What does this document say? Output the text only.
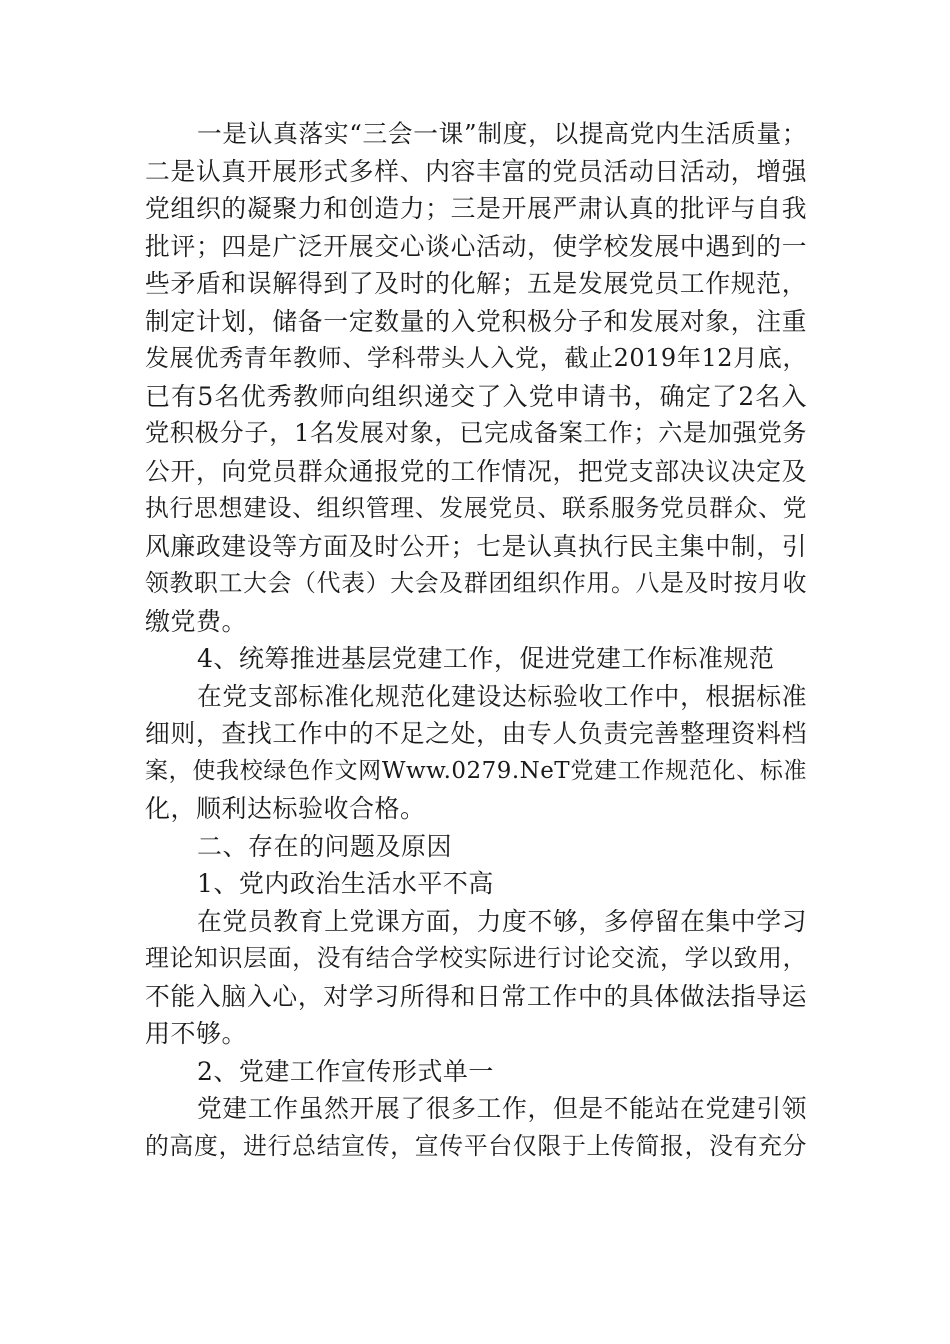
一是认真落实“三会一课”制度，以提高党内生活质量；
二是认真开展形式多样、内容丰富的党员活动日活动，增强
党组织的凝聚力和创造力；三是开展严肃认真的批评与自我
批评；四是广泛开展交心谈心活动，使学校发展中遇到的一
些矛盾和误解得到了及时的化解；五是发展党员工作规范，
制定计划，储备一定数量的入党积极分子和发展对象，注重
发展优秀青年教师、学科带头人入党，截止2019年12月底，
已有5名优秀教师向组织递交了入党申请书，确定了2名入
党积极分子，1名发展对象，已完成备案工作；六是加强党务
公开，向党员群众通报党的工作情况，把党支部决议决定及
执行思想建设、组织管理、发展党员、联系服务党员群众、党
风廉政建设等方面及时公开；七是认真执行民主集中制，引
领教职工大会（代表）大会及群团组织作用。八是及时按月收
缴党费。
4、统筹推进基层党建工作，促进党建工作标准规范
在党支部标准化规范化建设达标验收工作中，根据标准
细则，查找工作中的不足之处，由专人负责完善整理资料档
案，使我校绿色作文网Www.0279.NeT党建工作规范化、标准
化，顺利达标验收合格。
二、存在的问题及原因
1、党内政治生活水平不高
在党员教育上党课方面，力度不够，多停留在集中学习
理论知识层面，没有结合学校实际进行讨论交流，学以致用，
不能入脑入心，对学习所得和日常工作中的具体做法指导运
用不够。
2、党建工作宣传形式单一
党建工作虽然开展了很多工作，但是不能站在党建引领
的高度，进行总结宣传，宣传平台仅限于上传简报，没有充分
